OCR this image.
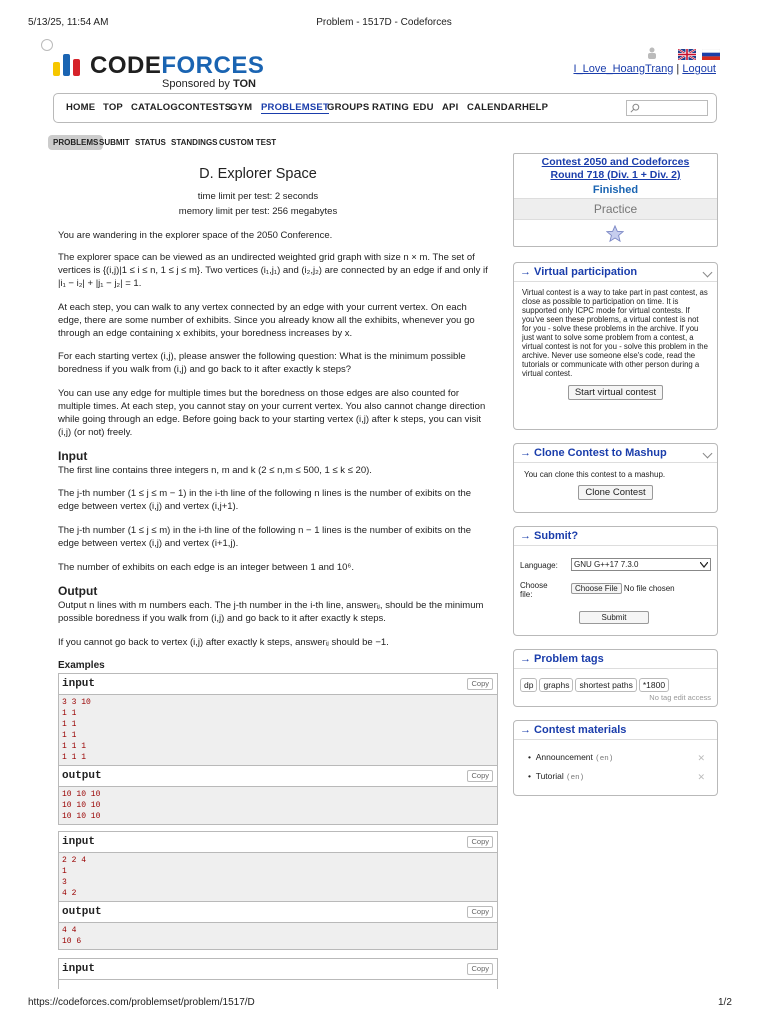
5/13/25, 11:54 AM	Problem - 1517D - Codeforces
CODEFORCES
Sponsored by TON

I_Love_HoangTrang | Logout
HOME TOP CATALOG CONTESTS
GYM PROBLEMSET
GROUPS RATING EDU API CALENDAR HELP
PROBLEMS SUBMIT STATUS STANDINGS CUSTOM TEST
D. Explorer Space
time limit per test: 2 seconds
memory limit per test: 256 megabytes
You are wandering in the explorer space of the 2050 Conference.
The explorer space can be viewed as an undirected weighted grid graph with size n × m. The set of vertices is {(i,j)|1 ≤ i ≤ n, 1 ≤ j ≤ m}. Two vertices (i₁,j₁) and (i₂,j₂) are connected by an edge if and only if |i₁ − i₂| + |j₁ − j₂| = 1.
At each step, you can walk to any vertex connected by an edge with your current vertex. On each edge, there are some number of exhibits. Since you already know all the exhibits, whenever you go through an edge containing x exhibits, your boredness increases by x.
For each starting vertex (i,j), please answer the following question: What is the minimum possible boredness if you walk from (i,j) and go back to it after exactly k steps?
You can use any edge for multiple times but the boredness on those edges are also counted for multiple times. At each step, you cannot stay on your current vertex. You also cannot change direction while going through an edge. Before going back to your starting vertex (i,j) after k steps, you can visit (i,j) (or not) freely.
Input
The first line contains three integers n, m and k (2 ≤ n,m ≤ 500, 1 ≤ k ≤ 20).
The j-th number (1 ≤ j ≤ m − 1) in the i-th line of the following n lines is the number of exibits on the edge between vertex (i,j) and vertex (i,j+1).
The j-th number (1 ≤ j ≤ m) in the i-th line of the following n − 1 lines is the number of exibits on the edge between vertex (i,j) and vertex (i+1,j).
The number of exhibits on each edge is an integer between 1 and 10⁶.
Output
Output n lines with m numbers each. The j-th number in the i-th line, answerᵢⱼ, should be the minimum possible boredness if you walk from (i,j) and go back to it after exactly k steps.
If you cannot go back to vertex (i,j) after exactly k steps, answerᵢⱼ should be −1.
Examples
input	Copy
3 3 10
1 1
1 1
1 1
1 1 1
1 1 1
output	Copy
10 10 10
10 10 10
10 10 10
input	Copy
2 2 4
1
3
4 2
output	Copy
4 4
10 6
input	Copy
Contest 2050 and Codeforces Round 718 (Div. 1 + Div. 2)
Finished
Practice
→ Virtual participation
Virtual contest is a way to take part in past contest, as close as possible to participation on time. It is supported only ICPC mode for virtual contests. If you've seen these problems, a virtual contest is not for you - solve these problems in the archive. If you just want to solve some problem from a contest, a virtual contest is not for you - solve this problem in the archive. Never use someone else's code, read the tutorials or communicate with other person during a virtual contest.
Start virtual contest
→ Clone Contest to Mashup
You can clone this contest to a mashup.
Clone Contest
→ Submit?
Language:	GNU G++17 7.3.0
Choose file:
Choose File No file chosen
Submit
→ Problem tags
dp graphs shortest paths *1800
No tag edit access
→ Contest materials
•  Announcement (en)	✕
•  Tutorial (en)	✕
https://codeforces.com/problemset/problem/1517/D	1/2
